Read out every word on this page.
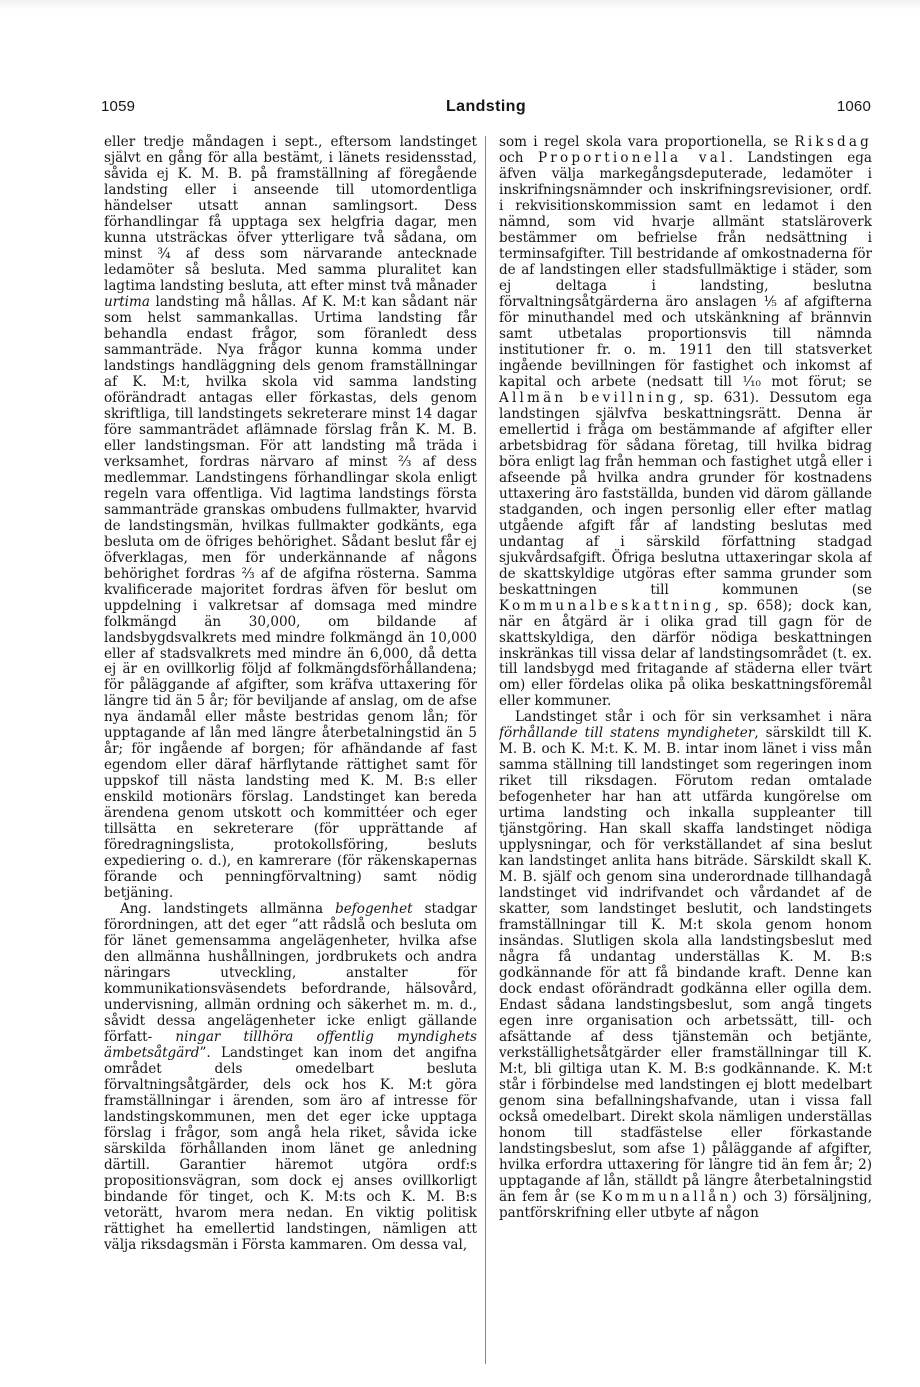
1059	Landsting	1060

eller tredje måndagen i sept., eftersom landstinget självt en gång för alla bestämt, i länets residensstad, såvida ej K. M. B. på framställning af föregående landsting eller i anseende till utomordentliga händelser utsatt annan samlingsort. Dess förhandlingar få upptaga sex helgfria dagar, men kunna utsträckas öfver ytterligare två sådana, om minst ¾ af dess som närvarande antecknade ledamöter så besluta. Med samma pluralitet kan lagtima landsting besluta, att efter minst två månader urtima landsting må hållas. Af K. M:t kan sådant när som helst sammankallas. Urtima landsting får behandla endast frågor, som föranledt dess sammanträde. Nya frågor kunna komma under landstings handläggning dels genom framställningar af K. M:t, hvilka skola vid samma landsting oförändradt antagas eller förkastas, dels genom skriftliga, till landstingets sekreterare minst 14 dagar före sammanträdet aflämnade förslag från K. M. B. eller landstingsman. För att landsting må träda i verksamhet, fordras närvaro af minst ⅔ af dess medlemmar. Landstingens förhandlingar skola enligt regeln vara offentliga. Vid lagtima landstings första sammanträde granskas ombudens fullmakter, hvarvid de landstingsmän, hvilkas fullmakter godkänts, ega besluta om de öfriges behörighet. Sådant beslut får ej öfverklagas, men för underkännande af någons behörighet fordras ⅔ af de afgifna rösterna. Samma kvalificerade majoritet fordras äfven för beslut om uppdelning i valkretsar af domsaga med mindre folkmängd än 30,000, om bildande af landsbygdsvalkrets med mindre folkmängd än 10,000 eller af stadsvalkrets med mindre än 6,000, då detta ej är en ovillkorlig följd af folkmängdsförhållandena; för påläggande af afgifter, som kräfva uttaxering för längre tid än 5 år; för beviljande af anslag, om de afse nya ändamål eller måste bestridas genom lån; för upptagande af lån med längre återbetalningstid än 5 år; för ingående af borgen; för afhändande af fast egendom eller däraf härflytande rättighet samt för uppskof till nästa landsting med K. M. B:s eller enskild motionärs förslag. Landstinget kan bereda ärendena genom utskott och kommittéer och eger tillsätta en sekreterare (för upprättande af föredragningslista, protokollsföring, besluts expediering o. d.), en kamrerare (för räkenskapernas förande och penningförvaltning) samt nödig betjäning.

Ang. landstingets allmänna befogenhet stadgar förordningen, att det eger ”att rådslå och besluta om för länet gemensamma angelägenheter, hvilka afse den allmänna hushållningen, jordbrukets och andra näringars utveckling, anstalter för kommunikationsväsendets befordrande, hälsovård, undervisning, allmän ordning och säkerhet m. m. d., såvidt dessa angelägenheter icke enligt gällande författ- ningar tillhöra offentlig myndighets ämbetsåtgärd”. Landstinget kan inom det angifna området dels omedelbart besluta förvaltningsåtgärder, dels ock hos K. M:t göra framställningar i ärenden, som äro af intresse för landstingskommunen, men det eger icke upptaga förslag i frågor, som angå hela riket, såvida icke särskilda förhållanden inom länet ge anledning därtill. Garantier häremot utgöra ordf:s propositionsvägran, som dock ej anses ovillkorligt bindande för tinget, och K. M:ts och K. M. B:s vetorätt, hvarom mera nedan. En viktig politisk rättighet ha emellertid landstingen, nämligen att välja riksdagsmän i Första kammaren. Om dessa val,

som i regel skola vara proportionella, se Riksdag och Proportionella val. Landstingen ega äfven välja markegångsdeputerade, ledamöter i inskrifningsnämnder och inskrifningsrevisioner, ordf. i rekvisitionskommission samt en ledamot i den nämnd, som vid hvarje allmänt statsläroverk bestämmer om befrielse från nedsättning i terminsafgifter. Till bestridande af omkostnaderna för de af landstingen eller stadsfullmäktige i städer, som ej deltaga i landsting, beslutna förvaltningsåtgärderna äro anslagen ⅕ af afgifterna för minuthandel med och utskänkning af brännvin samt utbetalas proportionsvis till nämnda institutioner fr. o. m. 1911 den till statsverket ingående bevillningen för fastighet och inkomst af kapital och arbete (nedsatt till ¹⁄₁₀ mot förut; se Allmän bevillning, sp. 631). Dessutom ega landstingen självfva beskattningsrätt. Denna är emellertid i fråga om bestämmande af afgifter eller arbetsbidrag för sådana företag, till hvilka bidrag böra enligt lag från hemman och fastighet utgå eller i afseende på hvilka andra grunder för kostnadens uttaxering äro fastställda, bunden vid därom gällande stadganden, och ingen personlig eller efter matlag utgående afgift får af landsting beslutas med undantag af i särskild författning stadgad sjukvårdsafgift. Öfriga beslutna uttaxeringar skola af de skattskyldige utgöras efter samma grunder som beskattningen till kommunen (se Kommunalbeskattning, sp. 658); dock kan, när en åtgärd är i olika grad till gagn för de skattskyldiga, den därför nödiga beskattningen inskränkas till vissa delar af landstingsområdet (t. ex. till landsbygd med fritagande af städerna eller tvärt om) eller fördelas olika på olika beskattningsföremål eller kommuner.

Landstinget står i och för sin verksamhet i nära förhållande till statens myndigheter, särskildt till K. M. B. och K. M:t. K. M. B. intar inom länet i viss mån samma ställning till landstinget som regeringen inom riket till riksdagen. Förutom redan omtalade befogenheter har han att utfärda kungörelse om urtima landsting och inkalla suppleanter till tjänstgöring. Han skall skaffa landstinget nödiga upplysningar, och för verkställandet af sina beslut kan landstinget anlita hans biträde. Särskildt skall K. M. B. själf och genom sina underordnade tillhandagå landstinget vid indrifvandet och vårdandet af de skatter, som landstinget beslutit, och landstingets framställningar till K. M:t skola genom honom insändas. Slutligen skola alla landstingsbeslut med några få undantag underställas K. M. B:s godkännande för att få bindande kraft. Denne kan dock endast oförändradt godkänna eller ogilla dem. Endast sådana landstingsbeslut, som angå tingets egen inre organisation och arbetssätt, till- och afsättande af dess tjänstemän och betjänte, verkställighetsåtgärder eller framställningar till K. M:t, bli giltiga utan K. M. B:s godkännande. K. M:t står i förbindelse med landstingen ej blott medelbart genom sina befallningshafvande, utan i vissa fall också omedelbart. Direkt skola nämligen underställas honom till stadfästelse eller förkastande landstingsbeslut, som afse 1) påläggande af afgifter, hvilka erfordra uttaxering för längre tid än fem år; 2) upptagande af lån, ställdt på längre återbetalningstid än fem år (se Kommunallån) och 3) försäljning, pantförskrifning eller utbyte af någon
